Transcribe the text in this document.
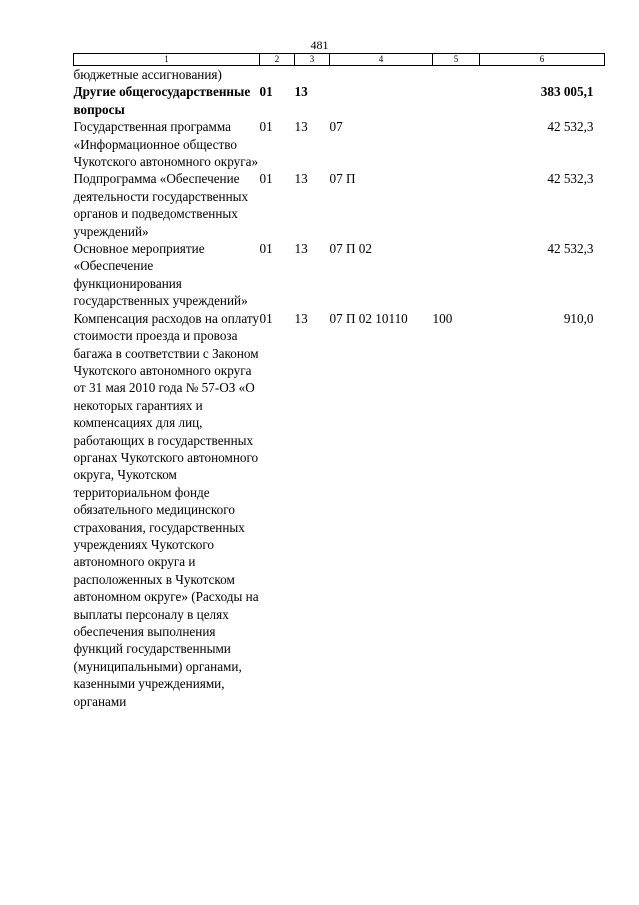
481
1	2	3	4	5	6
бюджетные ассигнования)					
Другие общегосударственные вопросы	01	13			383 005,1
Государственная программа «Информационное общество Чукотского автономного округа»	01	13	07		42 532,3
Подпрограмма «Обеспечение деятельности государственных органов и подведомственных учреждений»	01	13	07 П		42 532,3
Основное мероприятие «Обеспечение функционирования государственных учреждений»	01	13	07 П 02		42 532,3
Компенсация расходов на оплату стоимости проезда и провоза багажа в соответствии с Законом Чукотского автономного округа от 31 мая 2010 года № 57-ОЗ «О некоторых гарантиях и компенсациях для лиц, работающих в государственных органах Чукотского автономного округа, Чукотском территориальном фонде обязательного медицинского страхования, государственных учреждениях Чукотского автономного округа и расположенных в Чукотском автономном округе» (Расходы на выплаты персоналу в целях обеспечения выполнения функций государственными (муниципальными) органами, казенными учреждениями, органами	01	13	07 П 02 10110	100	910,0
